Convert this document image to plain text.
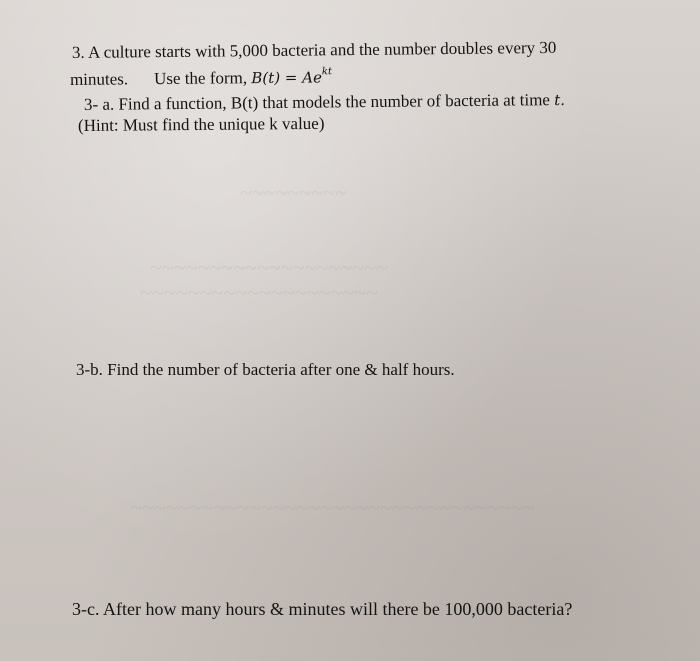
~~~~~~~~~
~~~~~~~~~~~~~~~~~~~~
~~~~~~~~~~~~~~~~~~~~
~~~~~~~~~~~~~~~~~~~~~~~~~~~~~~~~~~
3. A culture starts with 5,000 bacteria and the number doubles every 30
minutes. Use the form, $B(t) = Ae^{kt}$
3- a. Find a function, B(t) that models the number of bacteria at time t.
(Hint: Must find the unique k value)
3-b. Find the number of bacteria after one & half hours.
3-c. After how many hours & minutes will there be 100,000 bacteria?
